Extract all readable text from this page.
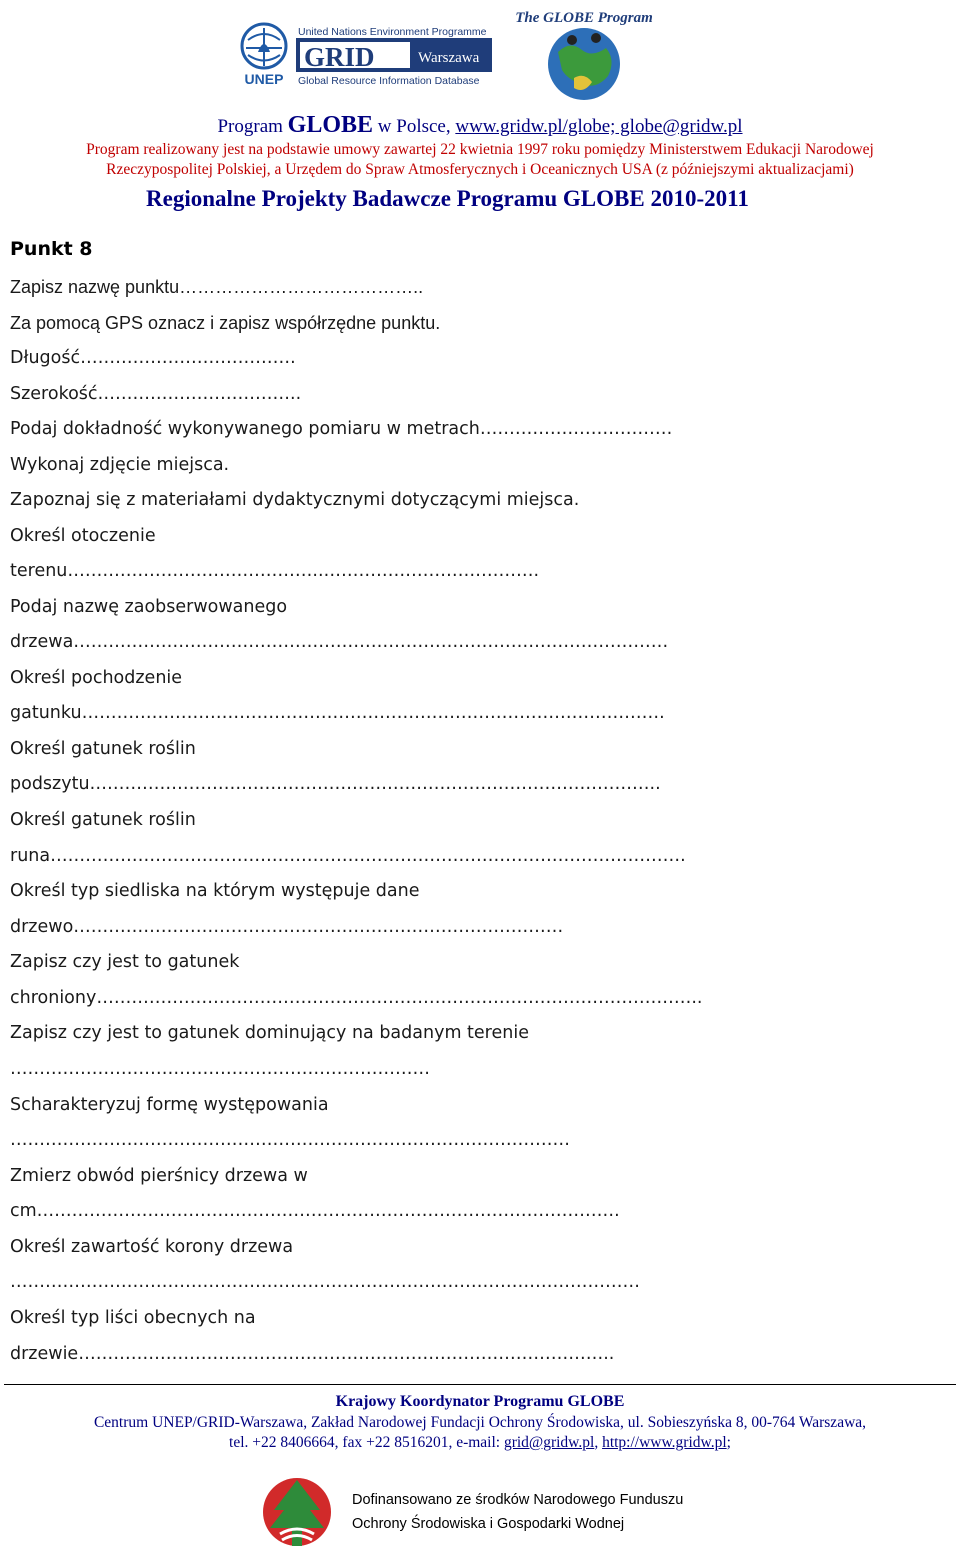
UNEP
United Nations Environment Programme
GRID	Warszawa
Global Resource Information Database
The GLOBE Program
Program GLOBE w Polsce, www.gridw.pl/globe; globe@gridw.pl
Program realizowany jest na podstawie umowy zawartej 22 kwietnia 1997 roku pomiędzy Ministerstwem Edukacji Narodowej
Rzeczypospolitej Polskiej, a Urzędem do Spraw Atmosferycznych i Oceanicznych USA (z późniejszymi aktualizacjami)
Regionalne Projekty Badawcze Programu GLOBE 2010-2011
Punkt 8
Zapisz nazwę punktu…………………………………..
Za pomocą GPS oznacz i zapisz współrzędne punktu.
Długość……………………………….
Szerokość……………………………..
Podaj dokładność wykonywanego pomiaru w metrach……………………………
Wykonaj zdjęcie miejsca.
Zapoznaj się z materiałami dydaktycznymi dotyczącymi miejsca.
Określ otoczenie
terenu……………………………………..……………………………….
Podaj nazwę zaobserwowanego
drzewa…………………………………………………………………………………………
Określ pochodzenie
gatunku……………………………………………………………………………………….
Określ gatunek roślin
podszytu……………………………………………………………………………………..
Określ gatunek roślin
runa……………………………………………………………………………………………….
Określ typ siedliska na którym występuje dane
drzewo…………………………………………………………………………
Zapisz czy jest to gatunek
chroniony…………………………………………………………………………………………..
Zapisz czy jest to gatunek dominujący na badanym terenie
………………………………………………………………
Scharakteryzuj formę występowania
……………………………………………………………………………………
Zmierz obwód pierśnicy drzewa w
cm……………………………………………………………………………………….
Określ zawartość korony drzewa
………………………………………………………………………………………………
Określ typ liści obecnych na
drzewie………………………………………………………………………………..
Krajowy Koordynator Programu GLOBE
Centrum UNEP/GRID-Warszawa, Zakład Narodowej Fundacji Ochrony Środowiska, ul. Sobieszyńska 8, 00-764 Warszawa,
tel. +22 8406664, fax +22 8516201, e-mail: grid@gridw.pl, http://www.gridw.pl;
Dofinansowano ze środków Narodowego Funduszu
Ochrony Środowiska i Gospodarki Wodnej
